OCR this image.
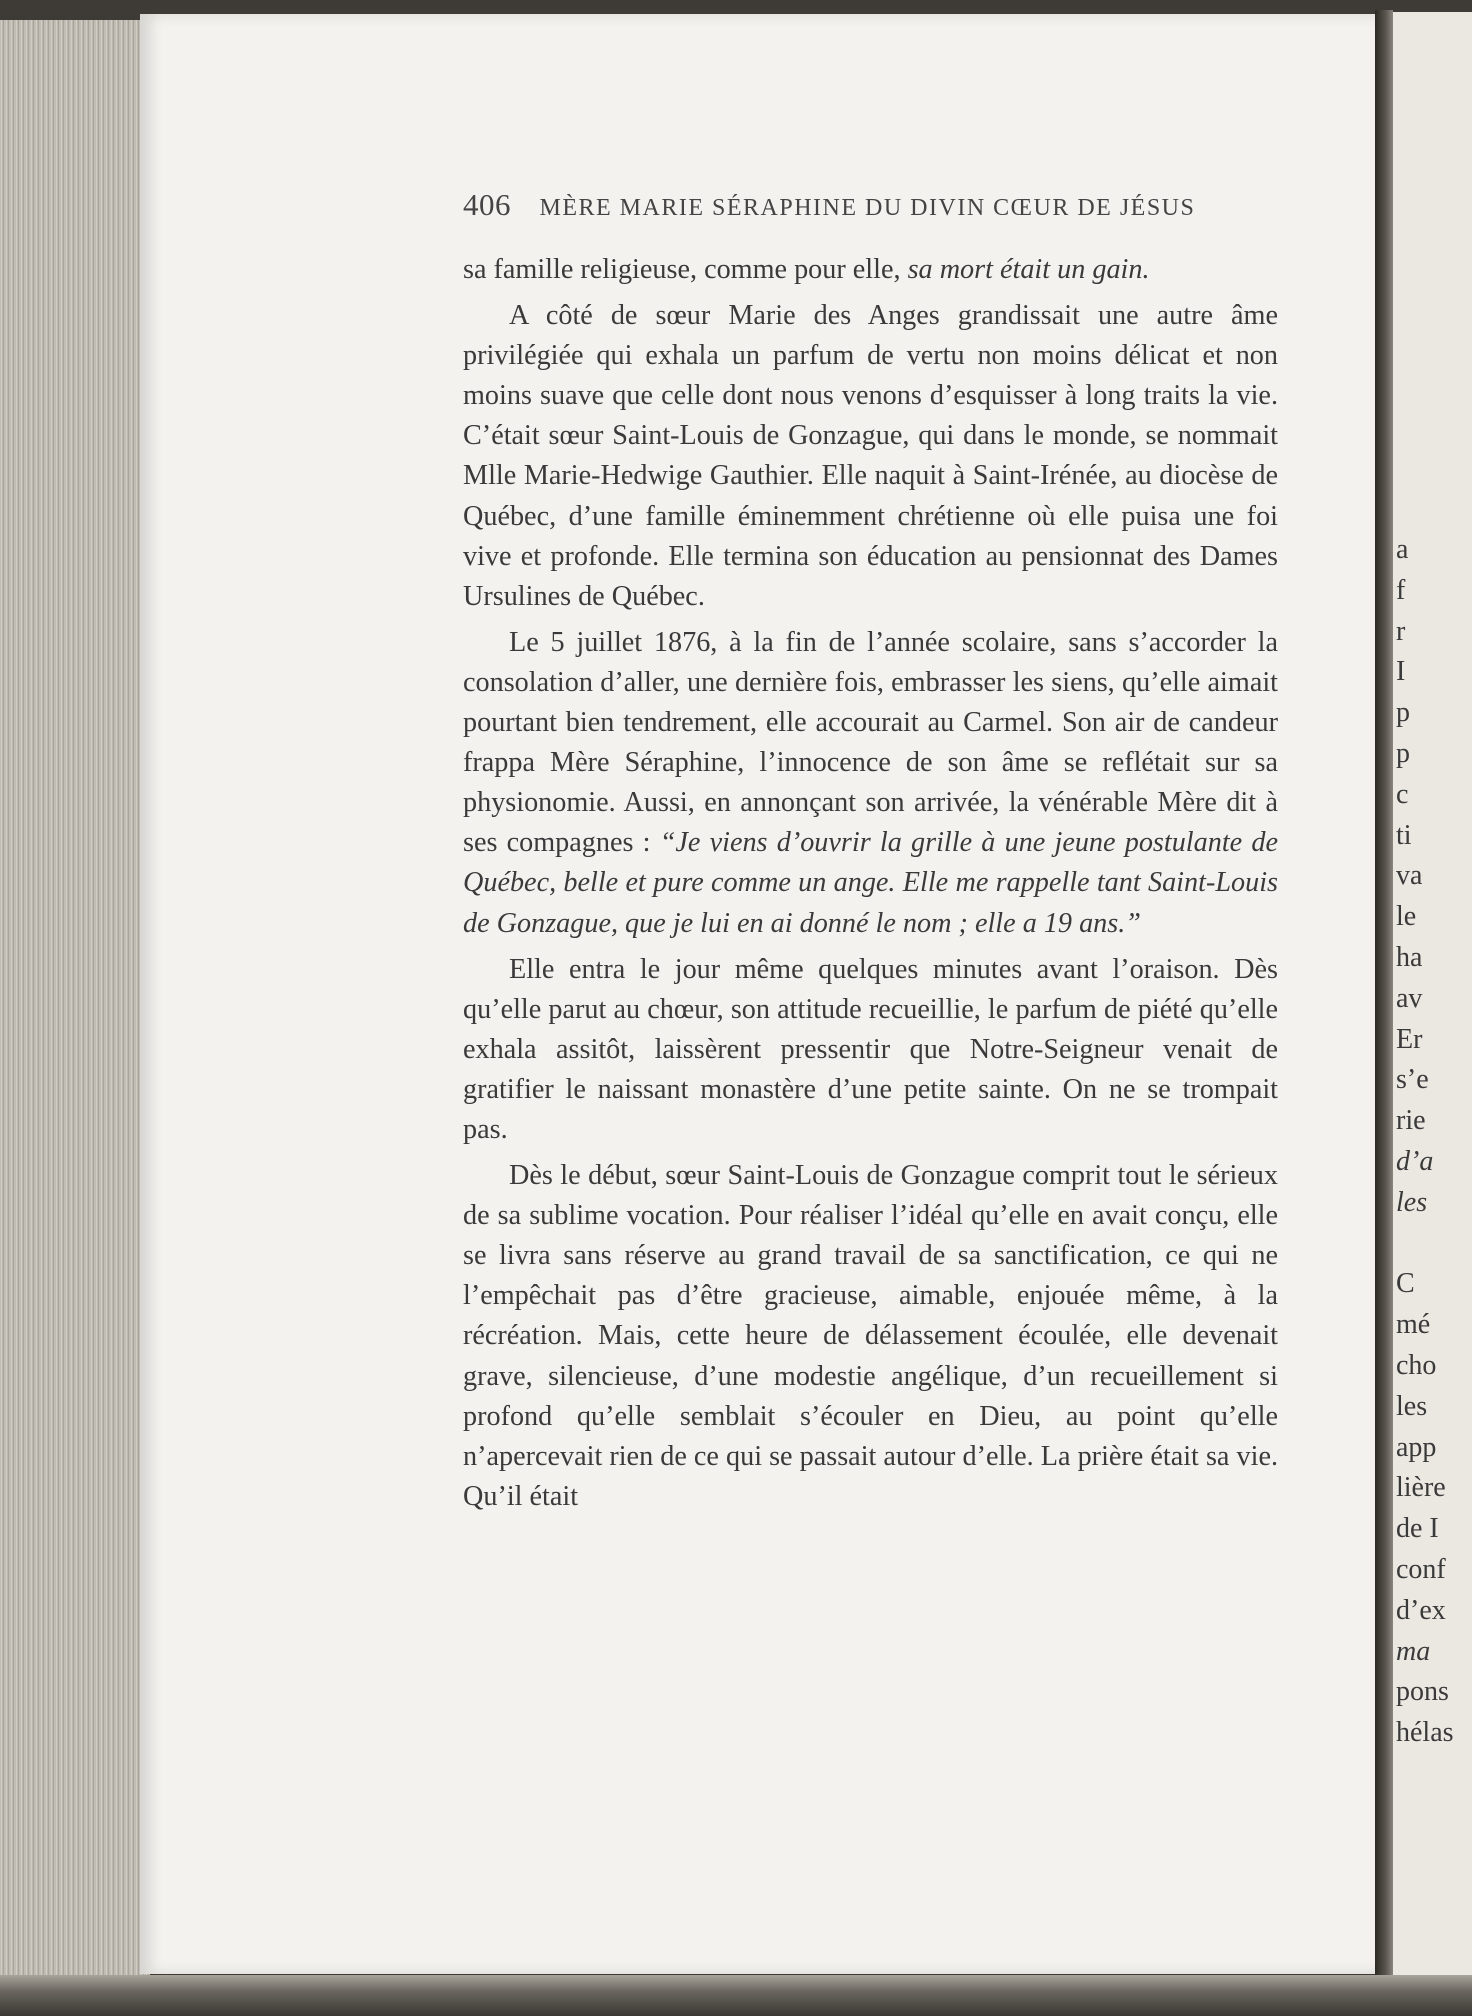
406 MÈRE MARIE SÉRAPHINE DU DIVIN CŒUR DE JÉSUS

sa famille religieuse, comme pour elle, sa mort était un gain.

A côté de sœur Marie des Anges grandissait une autre âme privilégiée qui exhala un parfum de vertu non moins délicat et non moins suave que celle dont nous venons d’esquisser à long traits la vie. C’était sœur Saint-Louis de Gonzague, qui dans le monde, se nommait Mlle Marie-Hedwige Gauthier. Elle naquit à Saint-Irénée, au diocèse de Québec, d’une famille éminemment chrétienne où elle puisa une foi vive et profonde. Elle termina son éducation au pensionnat des Dames Ursulines de Québec.

Le 5 juillet 1876, à la fin de l’année scolaire, sans s’accorder la consolation d’aller, une dernière fois, embrasser les siens, qu’elle aimait pourtant bien tendrement, elle accourait au Carmel. Son air de candeur frappa Mère Séraphine, l’innocence de son âme se reflétait sur sa physionomie. Aussi, en annonçant son arrivée, la vénérable Mère dit à ses compagnes : “Je viens d’ouvrir la grille à une jeune postulante de Québec, belle et pure comme un ange. Elle me rappelle tant Saint-Louis de Gonzague, que je lui en ai donné le nom ; elle a 19 ans.”

Elle entra le jour même quelques minutes avant l’oraison. Dès qu’elle parut au chœur, son attitude recueillie, le parfum de piété qu’elle exhala assitôt, laissèrent pressentir que Notre-Seigneur venait de gratifier le naissant monastère d’une petite sainte. On ne se trompait pas.

Dès le début, sœur Saint-Louis de Gonzague comprit tout le sérieux de sa sublime vocation. Pour réaliser l’idéal qu’elle en avait conçu, elle se livra sans réserve au grand travail de sa sanctification, ce qui ne l’empêchait pas d’être gracieuse, aimable, enjouée même, à la récréation. Mais, cette heure de délassement écoulée, elle devenait grave, silencieuse, d’une modestie angélique, d’un recueillement si profond qu’elle semblait s’écouler en Dieu, au point qu’elle n’apercevait rien de ce qui se passait autour d’elle. La prière était sa vie. Qu’il était

a
f
r
I
p
p
c
ti
va
le
ha
av
Er
s’e
rie
d’a
les
C
mé
cho
les
app
lière
de I
conf
d’ex
ma
pons
hélas
